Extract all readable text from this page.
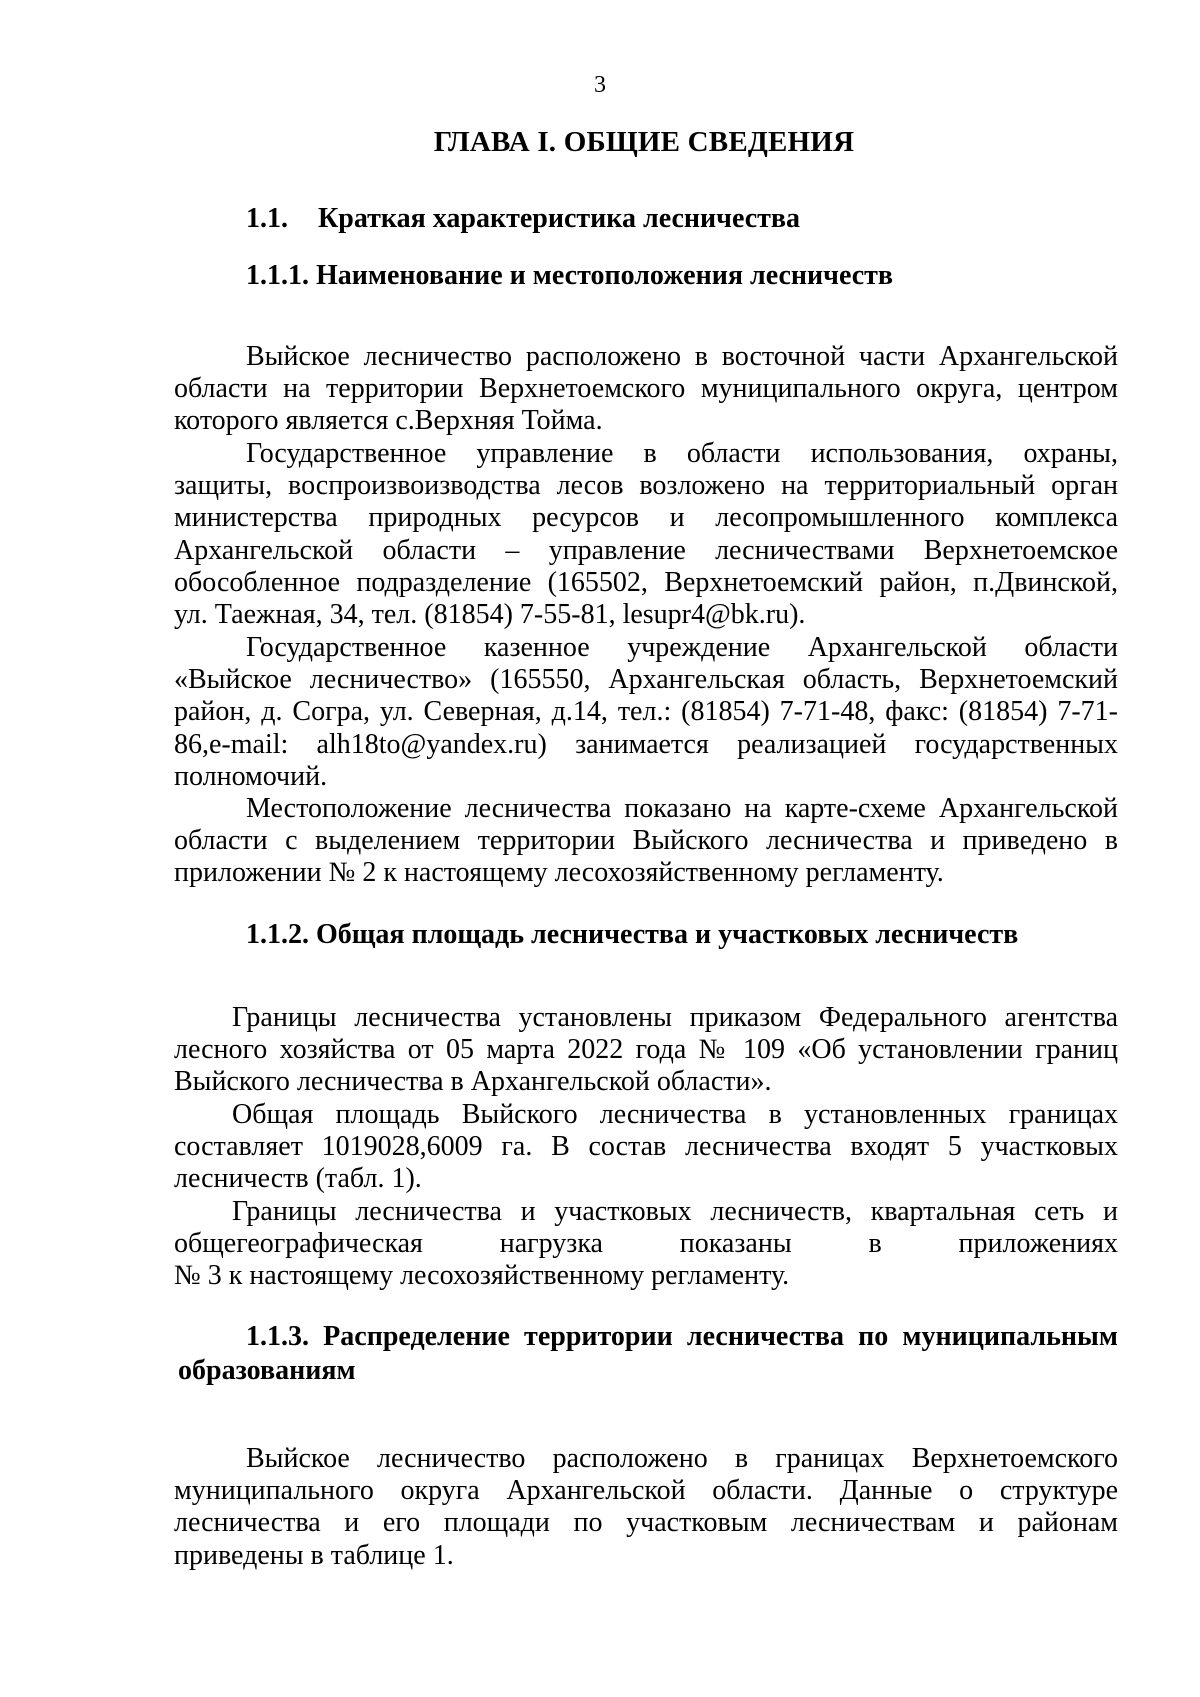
3
ГЛАВА I. ОБЩИЕ СВЕДЕНИЯ
1.1. Краткая характеристика лесничества
1.1.1. Наименование и местоположения лесничеств
Выйское лесничество расположено в восточной части Архангельской
области на территории Верхнетоемского муниципального округа, центром
которого является с.Верхняя Тойма.
Государственное управление в области использования, охраны,
защиты, воспроизвоизводства лесов возложено на территориальный орган
министерства природных ресурсов и лесопромышленного комплекса
Архангельской области – управление лесничествами Верхнетоемское
обособленное подразделение (165502, Верхнетоемский район, п.Двинской,
ул. Таежная, 34, тел. (81854) 7-55-81, lesupr4@bk.ru).
Государственное казенное учреждение Архангельской области
«Выйское лесничество» (165550, Архангельская область, Верхнетоемский
район, д. Согра, ул. Северная, д.14, тел.: (81854) 7-71-48, факс: (81854) 7-71-
86,e-mail: alh18to@yandex.ru) занимается реализацией государственных
полномочий.
Местоположение лесничества показано на карте-схеме Архангельской
области с выделением территории Выйского лесничества и приведено в
приложении № 2 к настоящему лесохозяйственному регламенту.
1.1.2. Общая площадь лесничества и участковых лесничеств
Границы лесничества установлены приказом Федерального агентства
лесного хозяйства от 05 марта 2022 года № 109 «Об установлении границ
Выйского лесничества в Архангельской области».
Общая площадь Выйского лесничества в установленных границах
составляет 1019028,6009 га. В состав лесничества входят 5 участковых
лесничеств (табл. 1).
Границы лесничества и участковых лесничеств, квартальная сеть и
общегеографическая нагрузка показаны в приложениях
№ 3 к настоящему лесохозяйственному регламенту.
1.1.3. Распределение территории лесничества по муниципальным
образованиям
Выйское лесничество расположено в границах Верхнетоемского
муниципального округа Архангельской области. Данные о структуре
лесничества и его площади по участковым лесничествам и районам
приведены в таблице 1.
